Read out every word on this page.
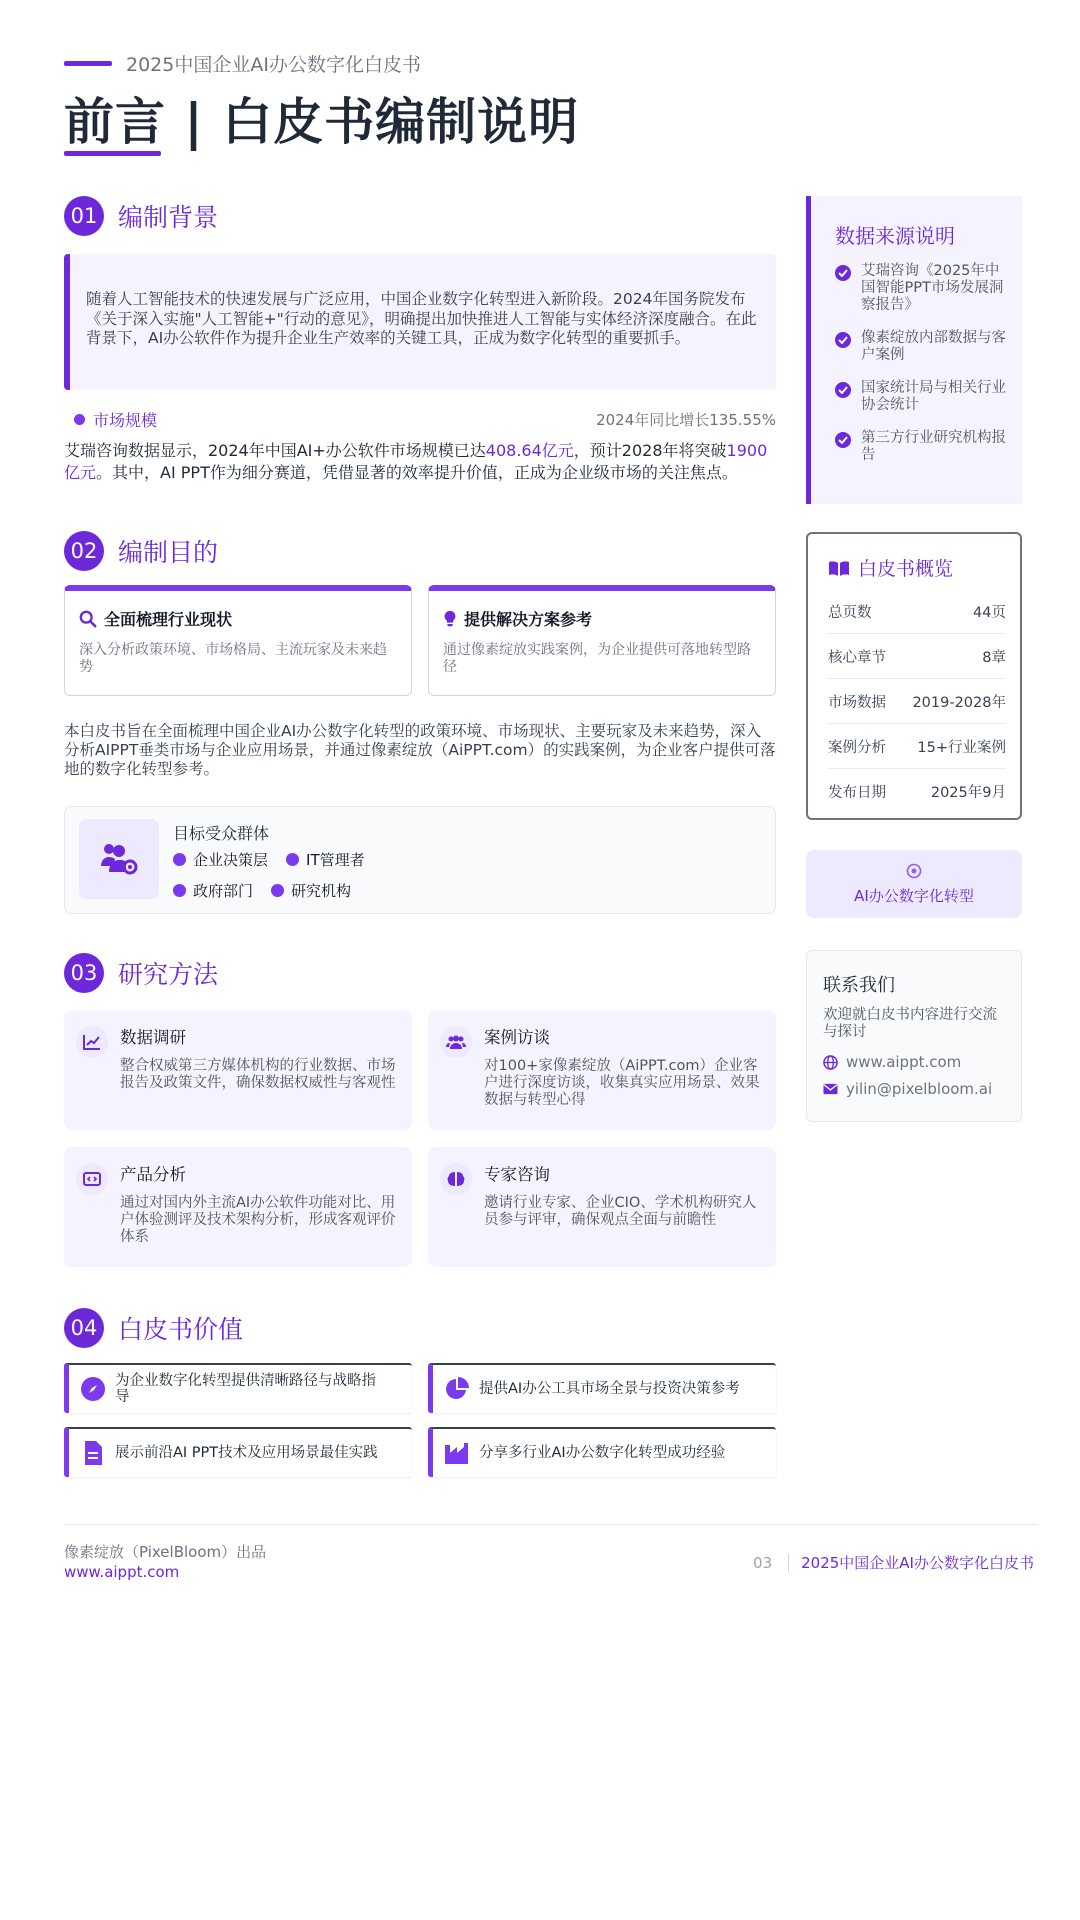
2025中国企业AI办公数字化白皮书
前言 | 白皮书编制说明
01 编制背景
随着人工智能技术的快速发展与广泛应用，中国企业数字化转型进入新阶段。2024年国务院发布《关于深入实施"人工智能+"行动的意见》，明确提出加快推进人工智能与实体经济深度融合。在此背景下，AI办公软件作为提升企业生产效率的关键工具，正成为数字化转型的重要抓手。
市场规模	2024年同比增长135.55%

艾瑞咨询数据显示，2024年中国AI+办公软件市场规模已达408.64亿元，预计2028年将突破1900亿元。其中，AI PPT作为细分赛道，凭借显著的效率提升价值，正成为企业级市场的关注焦点。

02 编制目的
全面梳理行业现状

深入分析政策环境、市场格局、主流玩家及未来趋势

提供解决方案参考

通过像素绽放实践案例，为企业提供可落地转型路径

本白皮书旨在全面梳理中国企业AI办公数字化转型的政策环境、市场现状、主要玩家及未来趋势，深入分析AIPPT垂类市场与企业应用场景，并通过像素绽放（AiPPT.com）的实践案例，为企业客户提供可落地的数字化转型参考。

目标受众群体
企业决策层	IT管理者
政府部门	研究机构
03 研究方法
数据调研

整合权威第三方媒体机构的行业数据、市场报告及政策文件，确保数据权威性与客观性

案例访谈

对100+家像素绽放（AiPPT.com）企业客户进行深度访谈，收集真实应用场景、效果数据与转型心得

产品分析

通过对国内外主流AI办公软件功能对比、用户体验测评及技术架构分析，形成客观评价体系

专家咨询

邀请行业专家、企业CIO、学术机构研究人员参与评审，确保观点全面与前瞻性

04 白皮书价值
为企业数字化转型提供清晰路径与战略指导	提供AI办公工具市场全景与投资决策参考
展示前沿AI PPT技术及应用场景最佳实践	分享多行业AI办公数字化转型成功经验
像素绽放（PixelBloom）出品
www.aippt.com
03	2025中国企业AI办公数字化白皮书
数据来源说明
艾瑞咨询《2025年中国智能PPT市场发展洞察报告》
像素绽放内部数据与客户案例
国家统计局与相关行业协会统计
第三方行业研究机构报告
白皮书概览
总页数	44页
核心章节	8章
市场数据 2019-2028年
案例分析 15+行业案例
发布日期	2025年9月
AI办公数字化转型
联系我们

欢迎就白皮书内容进行交流与探讨

www.aippt.com
yilin@pixelbloom.ai
